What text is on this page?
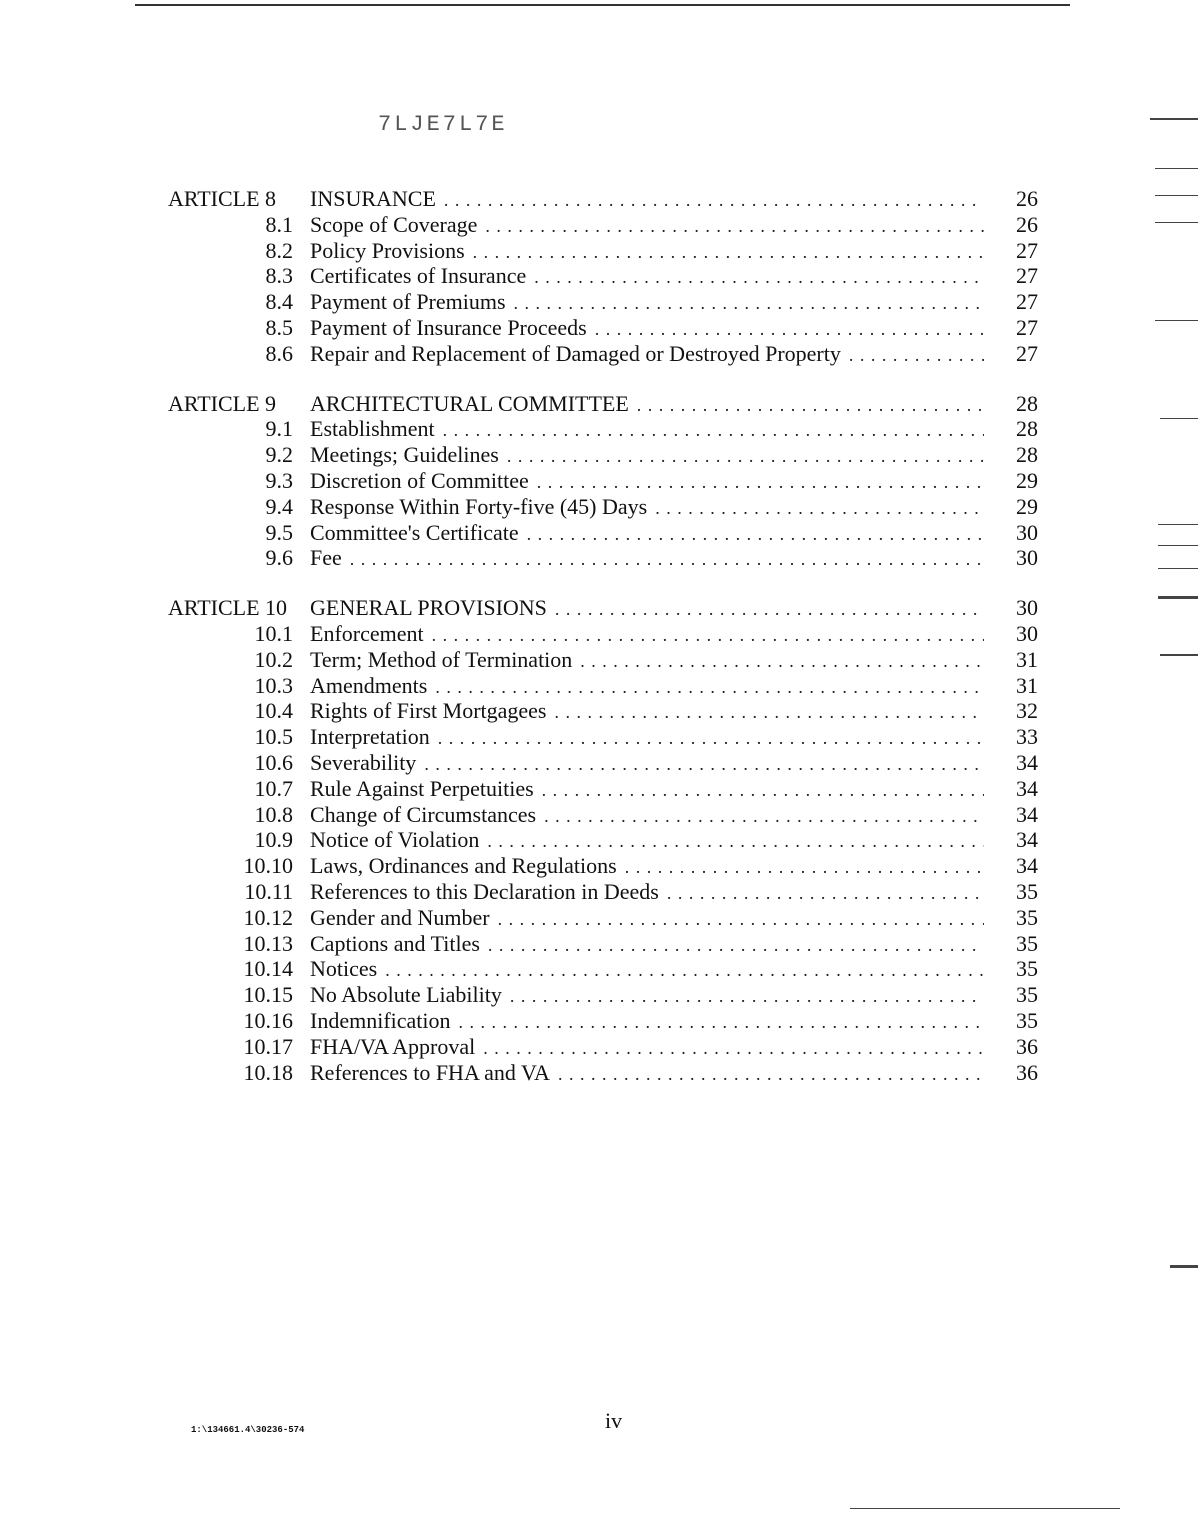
7LJE7L7E
ARTICLE 8	INSURANCE . . .	26
8.1 Scope of Coverage . . .	26
8.2 Policy Provisions . . .	27
8.3 Certificates of Insurance . . .	27
8.4 Payment of Premiums . . .	27
8.5 Payment of Insurance Proceeds . . .	27
8.6 Repair and Replacement of Damaged or Destroyed Property . . .	27
ARTICLE 9	ARCHITECTURAL COMMITTEE . . .	28
9.1 Establishment . . .	28
9.2 Meetings; Guidelines . . .	28
9.3 Discretion of Committee . . .	29
9.4 Response Within Forty-five (45) Days . . .	29
9.5 Committee's Certificate . . .	30
9.6 Fee . . .	30
ARTICLE 10	GENERAL PROVISIONS . . .	30
10.1 Enforcement . . .	30
10.2 Term; Method of Termination . . .	31
10.3 Amendments . . .	31
10.4 Rights of First Mortgagees . . .	32
10.5 Interpretation . . .	33
10.6 Severability . . .	34
10.7 Rule Against Perpetuities . . .	34
10.8 Change of Circumstances . . .	34
10.9 Notice of Violation . . .	34
10.10 Laws, Ordinances and Regulations . . .	34
10.11 References to this Declaration in Deeds . . .	35
10.12 Gender and Number . . .	35
10.13 Captions and Titles . . .	35
10.14 Notices . . .	35
10.15 No Absolute Liability . . .	35
10.16 Indemnification . . .	35
10.17 FHA/VA Approval . . .	36
10.18 References to FHA and VA . . .	36
iv
1:\134661.4\30236-574
